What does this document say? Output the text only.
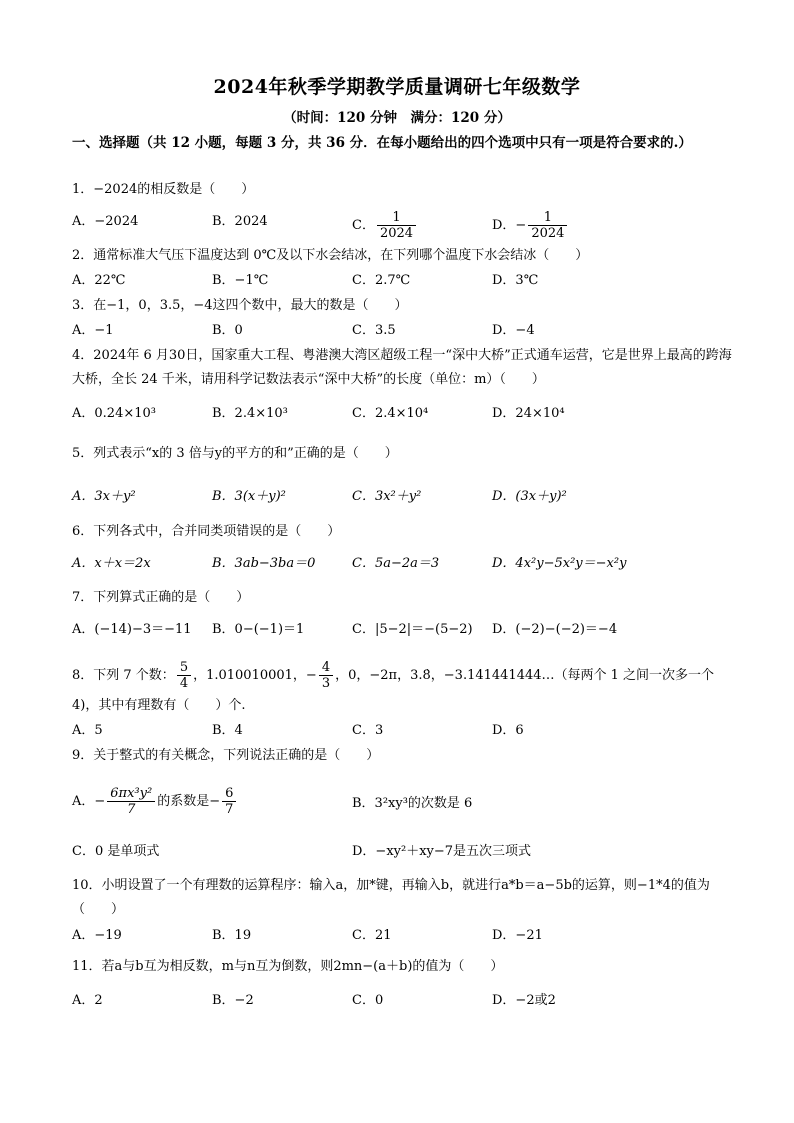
2024年秋季学期教学质量调研七年级数学
（时间：120 分钟　满分：120 分）
一、选择题（共 12 小题，每题 3 分，共 36 分．在每小题给出的四个选项中只有一项是符合要求的.）
1．−2024的相反数是（　　）
A．−2024	B．2024	C． $\frac{1}{2024}$	D．− $\frac{1}{2024}$
2．通常标准大气压下温度达到 0℃及以下水会结冰，在下列哪个温度下水会结冰（　　）
A．22℃	B．−1℃	C．2.7℃	D．3℃
3．在−1，0，3.5，−4这四个数中，最大的数是（　　）
A．−1	B．0	C．3.5	D．−4
4．2024年 6 月30日，国家重大工程、粤港澳大湾区超级工程一“深中大桥”正式通车运营，它是世界上最高的跨海大桥，全长 24 千米，请用科学记数法表示“深中大桥”的长度（单位：m）（　　）
A．0.24×10³	B．2.4×10³	C．2.4×10⁴	D．24×10⁴
5．列式表示“x的 3 倍与y的平方的和”正确的是（　　）
A．3x＋y²	B．3(x＋y)²	C．3x²＋y²	D．(3x＋y)²
6．下列各式中，合并同类项错误的是（　　）
A．x＋x＝2x	B．3ab−3ba＝0	C．5a−2a＝3	D．4x²y−5x²y＝−x²y
7．下列算式正确的是（　　）
A．(−14)−3＝−11 B．0−(−1)＝1	C．|5−2|＝−(5−2) D．(−2)−(−2)＝−4
8．下列 7 个数： $\frac{5}{4}$ ，1.010010001，− $\frac{4}{3}$ ，0，−2π，3.8̇，−3.141441444…（每两个 1 之间一次多一个
4)，其中有理数有（　　）个.
A．5	B．4	C．3	D．6
9．关于整式的有关概念，下列说法正确的是（　　）
A．− $\frac{\text{6πx³y²}}{7}$ 的系数是− $\frac{6}{7}$	B．3²xy³的次数是 6
C．0 是单项式	D．−xy²＋xy−7是五次三项式
10．小明设置了一个有理数的运算程序：输入a，加*键，再输入b，就进行a*b＝a−5b的运算，则−1*4的值为（　　）
A．−19	B．19	C．21	D．−21
11．若a与b互为相反数，m与n互为倒数，则2mn−(a＋b)的值为（　　）
A．2	B．−2	C．0	D．−2或2
